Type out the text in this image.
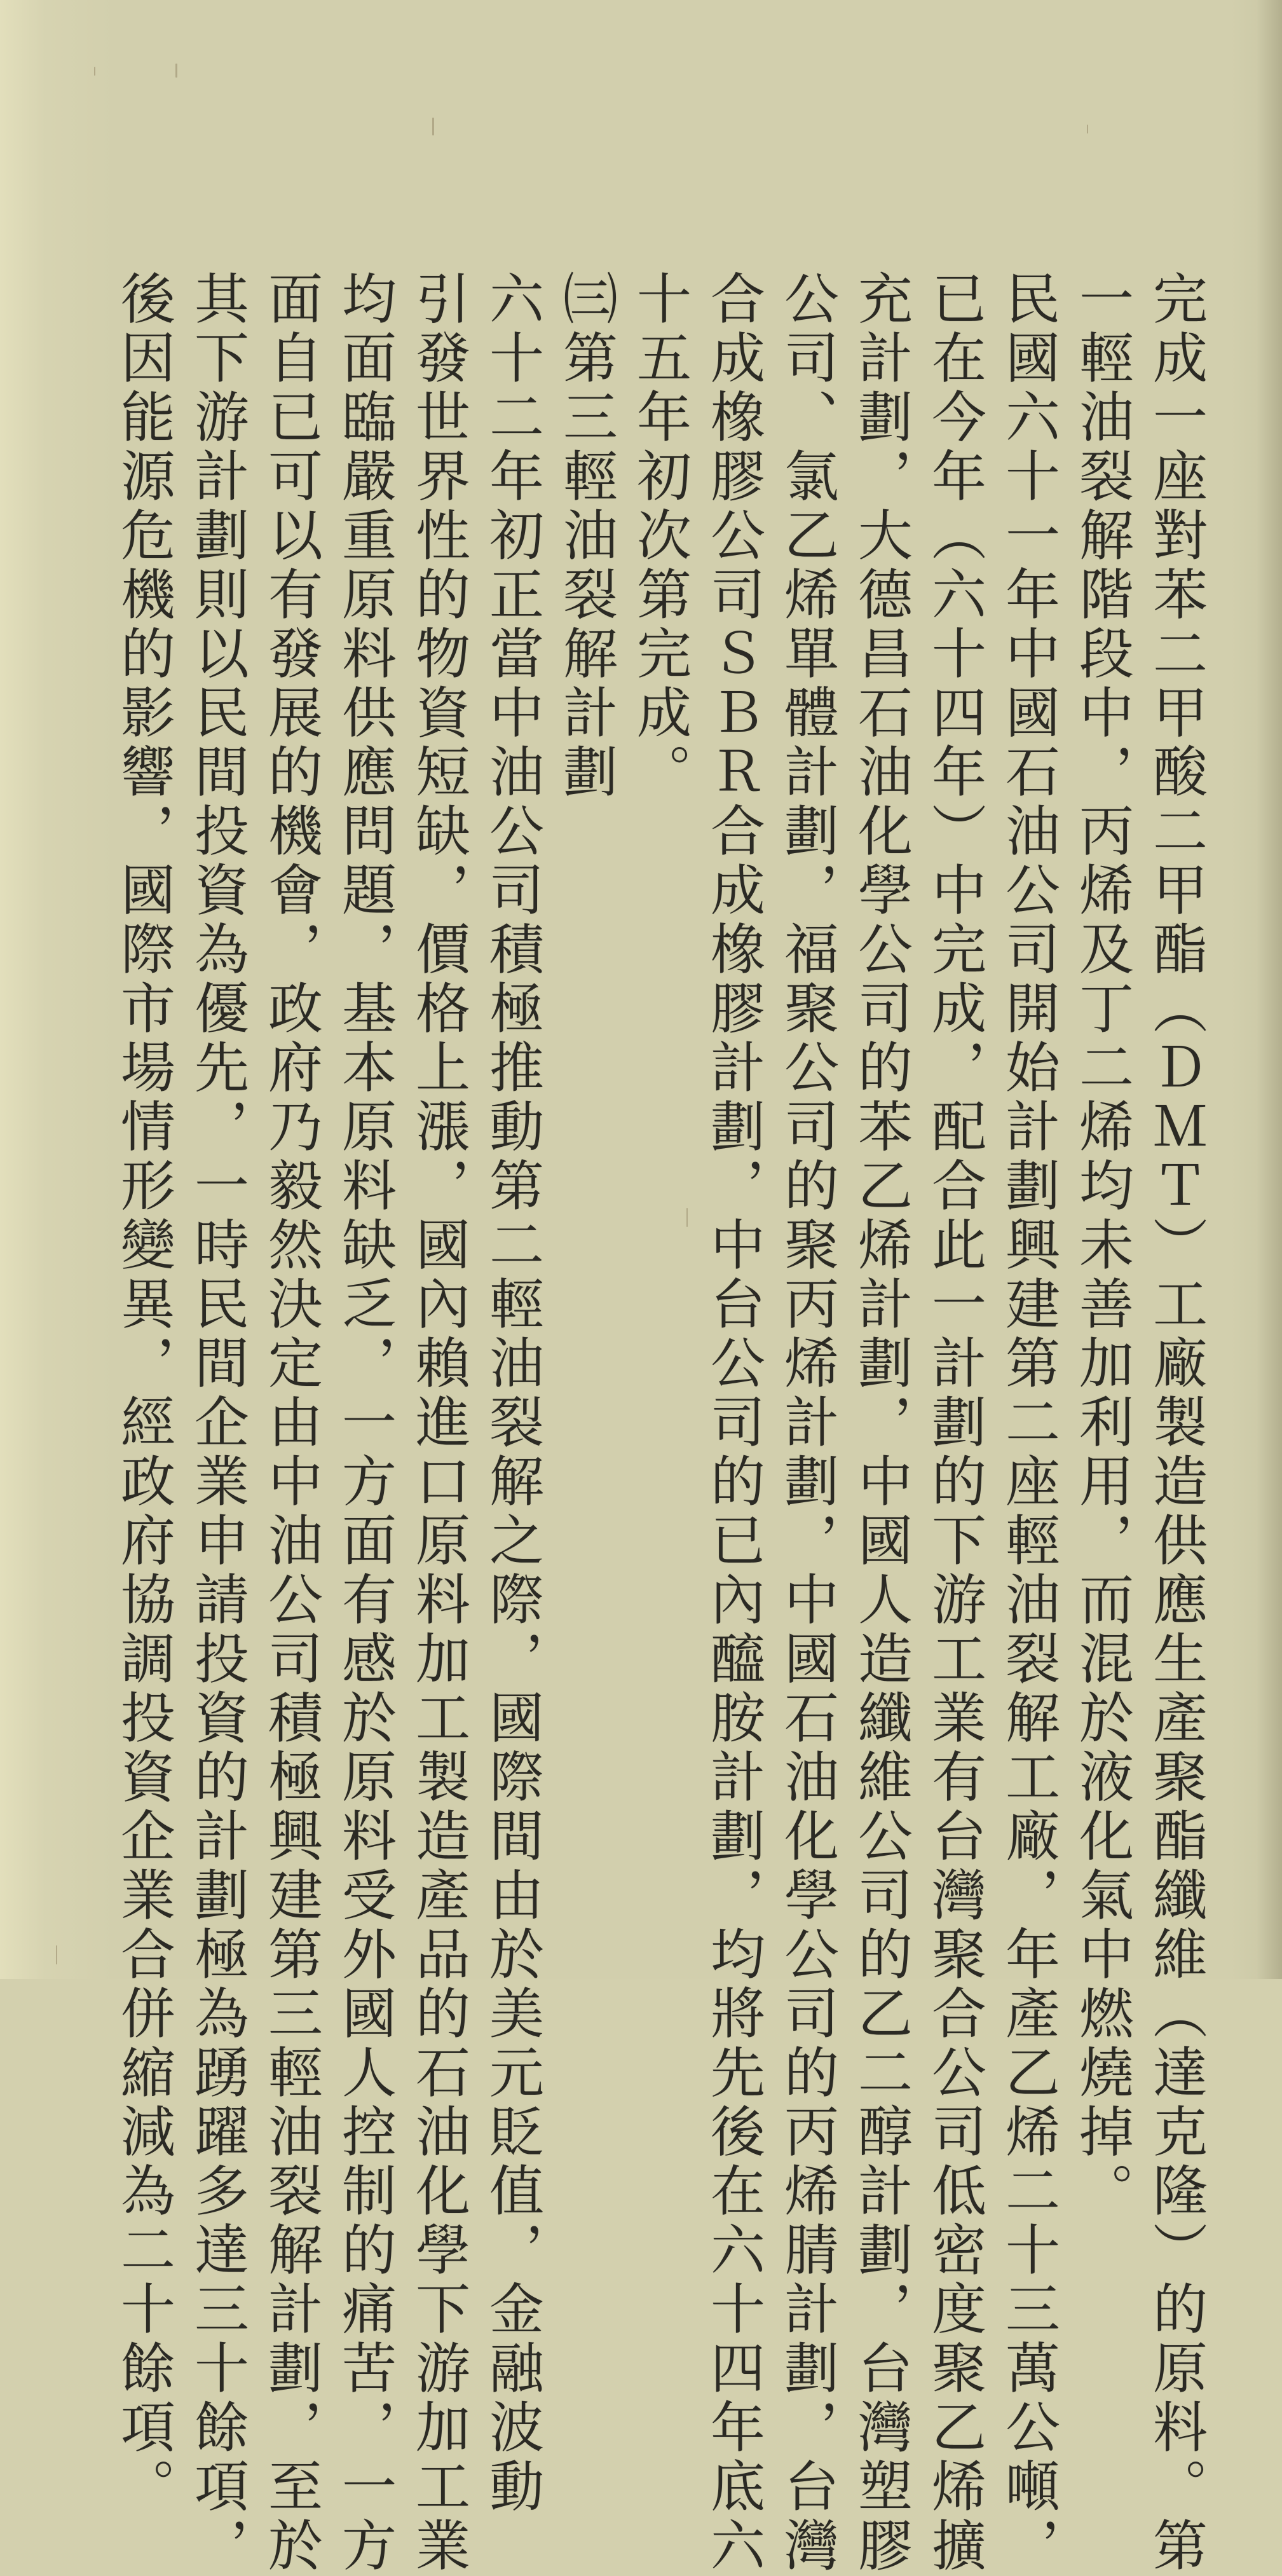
完成一座對苯二甲酸二甲酯（ＤＭＴ）工廠製造供應生產聚酯纖維（達克隆）的原料。第
一輕油裂解階段中，丙烯及丁二烯均未善加利用，而混於液化氣中燃燒掉。
民國六十一年中國石油公司開始計劃興建第二座輕油裂解工廠，年產乙烯二十三萬公噸，
已在今年（六十四年）中完成，配合此一計劃的下游工業有台灣聚合公司低密度聚乙烯擴
充計劃，大德昌石油化學公司的苯乙烯計劃，中國人造纖維公司的乙二醇計劃，台灣塑膠
公司、氯乙烯單體計劃，福聚公司的聚丙烯計劃，中國石油化學公司的丙烯腈計劃，台灣
合成橡膠公司ＳＢＲ合成橡膠計劃，中台公司的已內醯胺計劃，均將先後在六十四年底六
十五年初次第完成。
㈢第三輕油裂解計劃
六十二年初正當中油公司積極推動第二輕油裂解之際，國際間由於美元貶值，金融波動
引發世界性的物資短缺，價格上漲，國內賴進口原料加工製造產品的石油化學下游加工業
均面臨嚴重原料供應問題，基本原料缺乏，一方面有感於原料受外國人控制的痛苦，一方
面自已可以有發展的機會，政府乃毅然決定由中油公司積極興建第三輕油裂解計劃，至於
其下游計劃則以民間投資為優先，一時民間企業申請投資的計劃極為踴躍多達三十餘項，
後因能源危機的影響，國際市場情形變異，經政府協調投資企業合併縮減為二十餘項。
